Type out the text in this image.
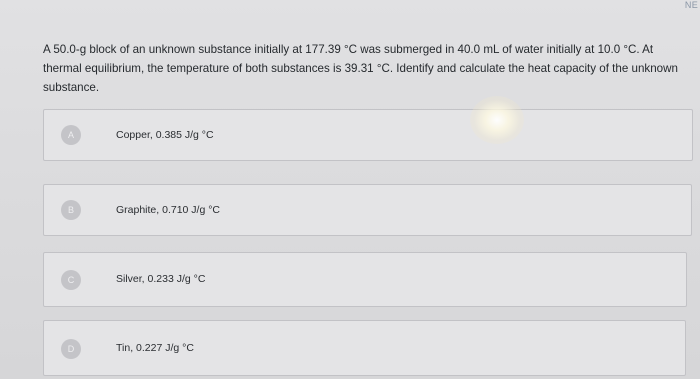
NE
A 50.0-g block of an unknown substance initially at 177.39 °C was submerged in 40.0 mL of water initially at 10.0 °C. At thermal equilibrium, the temperature of both substances is 39.31 °C. Identify and calculate the heat capacity of the unknown substance.
A	Copper, 0.385 J/g °C
B	Graphite, 0.710 J/g °C
C	Silver, 0.233 J/g °C
D	Tin, 0.227 J/g °C
